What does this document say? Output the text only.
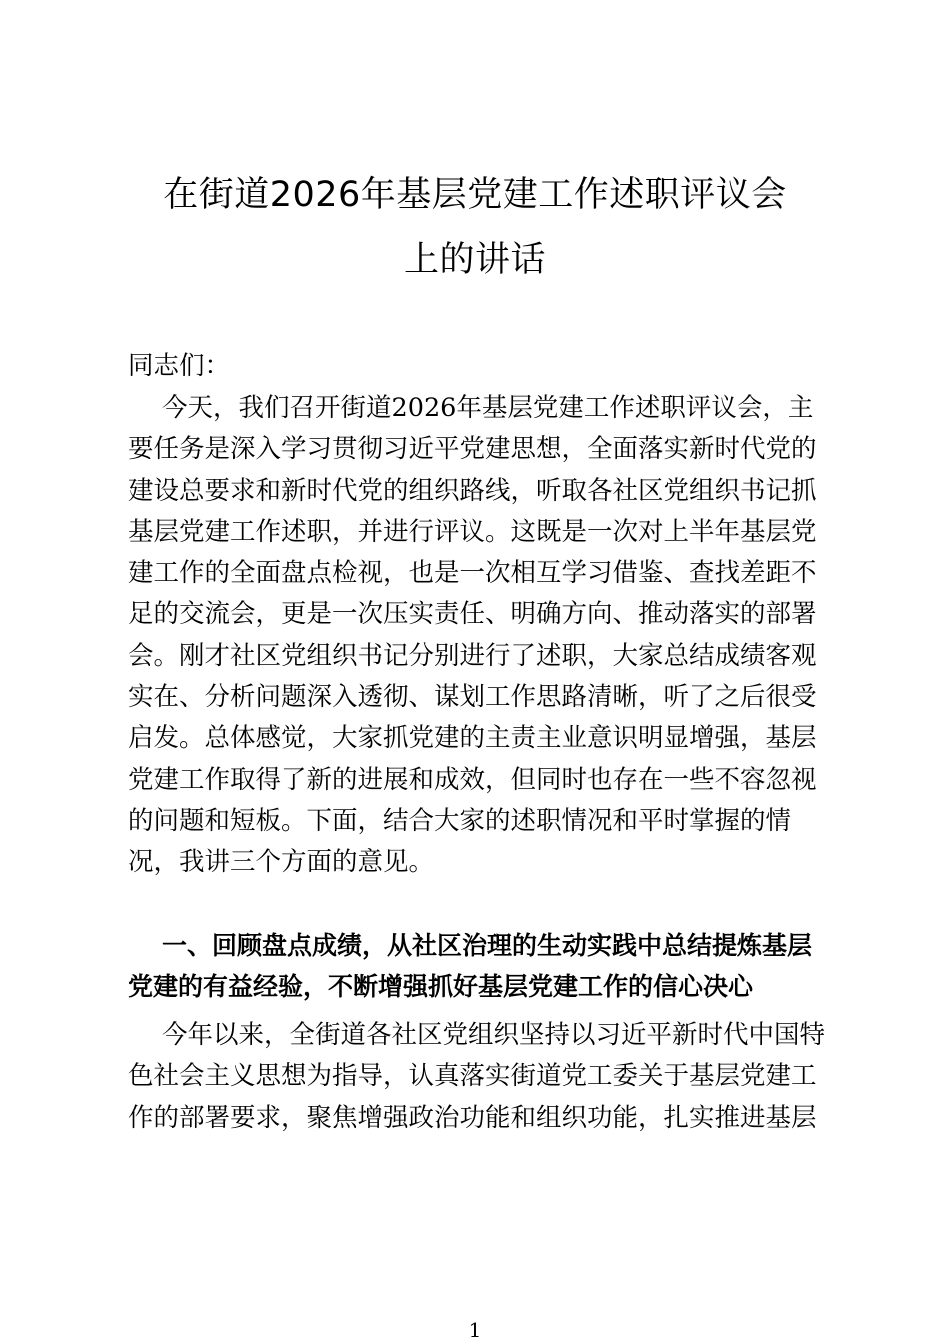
在街道2026年基层党建工作述职评议会
上的讲话
同志们：
今天，我们召开街道2026年基层党建工作述职评议会，主
要任务是深入学习贯彻习近平党建思想，全面落实新时代党的
建设总要求和新时代党的组织路线，听取各社区党组织书记抓
基层党建工作述职，并进行评议。这既是一次对上半年基层党
建工作的全面盘点检视，也是一次相互学习借鉴、查找差距不
足的交流会，更是一次压实责任、明确方向、推动落实的部署
会。刚才社区党组织书记分别进行了述职，大家总结成绩客观
实在、分析问题深入透彻、谋划工作思路清晰，听了之后很受
启发。总体感觉，大家抓党建的主责主业意识明显增强，基层
党建工作取得了新的进展和成效，但同时也存在一些不容忽视
的问题和短板。下面，结合大家的述职情况和平时掌握的情
况，我讲三个方面的意见。
一、回顾盘点成绩，从社区治理的生动实践中总结提炼基层
党建的有益经验，不断增强抓好基层党建工作的信心决心
今年以来，全街道各社区党组织坚持以习近平新时代中国特
色社会主义思想为指导，认真落实街道党工委关于基层党建工
作的部署要求，聚焦增强政治功能和组织功能，扎实推进基层
1
